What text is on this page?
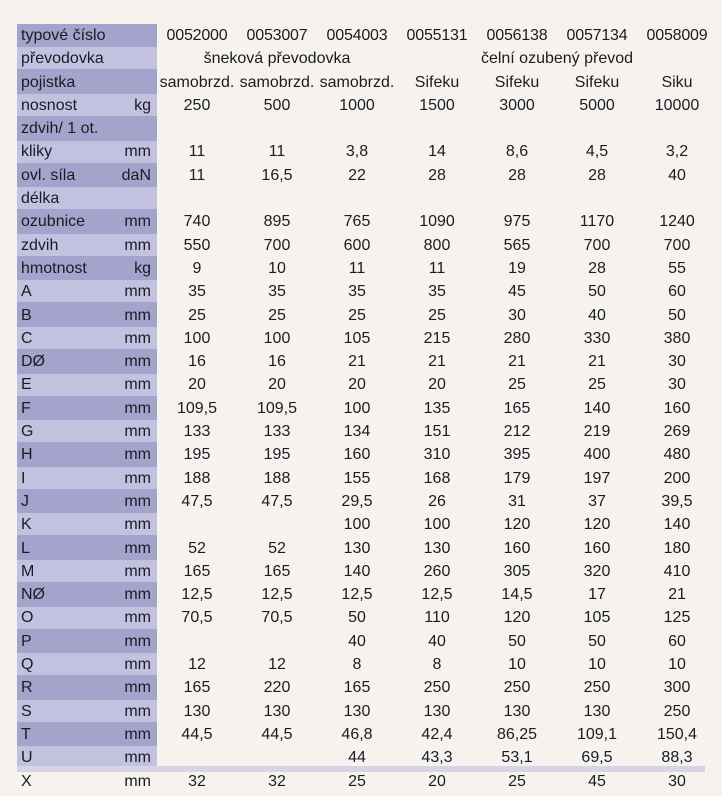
typové číslo		0052000	0053007	0054003	0055131	0056138	0057134	0058009
převodovka		šneková převodovka			čelní ozubený převod			
pojistka		samobrzd.	samobrzd.	samobrzd.	Sifeku	Sifeku	Sifeku	Siku
nosnost	kg	250	500	1000	1500	3000	5000	10000
zdvih/ 1 ot.								
kliky	mm	11	11	3,8	14	8,6	4,5	3,2
ovl. síla	daN	11	16,5	22	28	28	28	40
délka								
ozubnice	mm	740	895	765	1090	975	1170	1240
zdvih	mm	550	700	600	800	565	700	700
hmotnost	kg	9	10	11	11	19	28	55
A	mm	35	35	35	35	45	50	60
B	mm	25	25	25	25	30	40	50
C	mm	100	100	105	215	280	330	380
DØ	mm	16	16	21	21	21	21	30
E	mm	20	20	20	20	25	25	30
F	mm	109,5	109,5	100	135	165	140	160
G	mm	133	133	134	151	212	219	269
H	mm	195	195	160	310	395	400	480
I	mm	188	188	155	168	179	197	200
J	mm	47,5	47,5	29,5	26	31	37	39,5
K	mm			100	100	120	120	140
L	mm	52	52	130	130	160	160	180
M	mm	165	165	140	260	305	320	410
NØ	mm	12,5	12,5	12,5	12,5	14,5	17	21
O	mm	70,5	70,5	50	110	120	105	125
P	mm			40	40	50	50	60
Q	mm	12	12	8	8	10	10	10
R	mm	165	220	165	250	250	250	300
S	mm	130	130	130	130	130	130	250
T	mm	44,5	44,5	46,8	42,4	86,25	109,1	150,4
U	mm			44	43,3	53,1	69,5	88,3
X	mm	32	32	25	20	25	45	30
